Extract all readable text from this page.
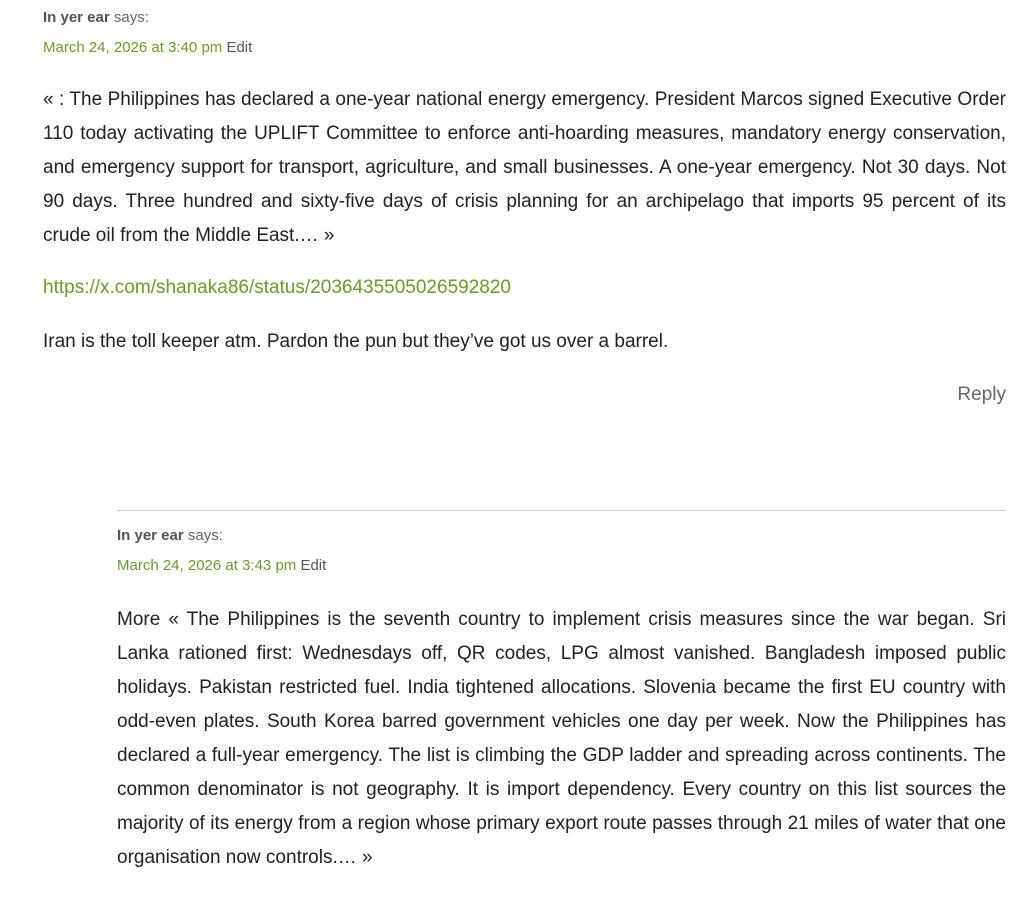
In yer ear says:

March 24, 2026 at 3:40 pm Edit

« : The Philippines has declared a one-year national energy emergency. President Marcos signed Executive Order 110 today activating the UPLIFT Committee to enforce anti-hoarding measures, mandatory energy conservation, and emergency support for transport, agriculture, and small businesses. A one-year emergency. Not 30 days. Not 90 days. Three hundred and sixty-five days of crisis planning for an archipelago that imports 95 percent of its crude oil from the Middle East.… »

https://x.com/shanaka86/status/2036435505026592820

Iran is the toll keeper atm. Pardon the pun but they’ve got us over a barrel.

Reply

In yer ear says:

March 24, 2026 at 3:43 pm Edit

More « The Philippines is the seventh country to implement crisis measures since the war began. Sri Lanka rationed first: Wednesdays off, QR codes, LPG almost vanished. Bangladesh imposed public holidays. Pakistan restricted fuel. India tightened allocations. Slovenia became the first EU country with odd-even plates. South Korea barred government vehicles one day per week. Now the Philippines has declared a full-year emergency. The list is climbing the GDP ladder and spreading across continents. The common denominator is not geography. It is import dependency. Every country on this list sources the majority of its energy from a region whose primary export route passes through 21 miles of water that one organisation now controls.… »
